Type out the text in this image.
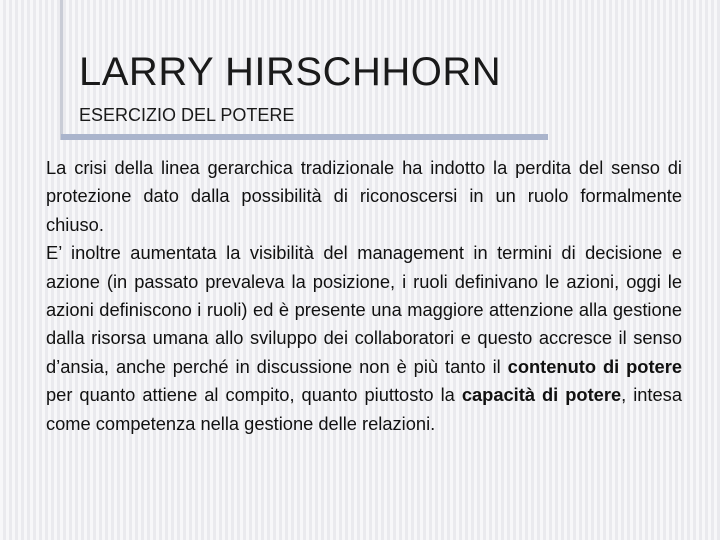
LARRY HIRSCHHORN
ESERCIZIO DEL POTERE

La crisi della linea gerarchica tradizionale ha indotto la perdita del senso di protezione dato dalla possibilità di riconoscersi in un ruolo formalmente chiuso.

E’ inoltre aumentata la visibilità del management in termini di decisione e azione (in passato prevaleva la posizione, i ruoli definivano le azioni, oggi le azioni definiscono i ruoli) ed è presente una maggiore attenzione alla gestione dalla risorsa umana allo sviluppo dei collaboratori e questo accresce il senso d’ansia, anche perché in discussione non è più tanto il contenuto di potere per quanto attiene al compito, quanto piuttosto la capacità di potere, intesa come competenza nella gestione delle relazioni.
